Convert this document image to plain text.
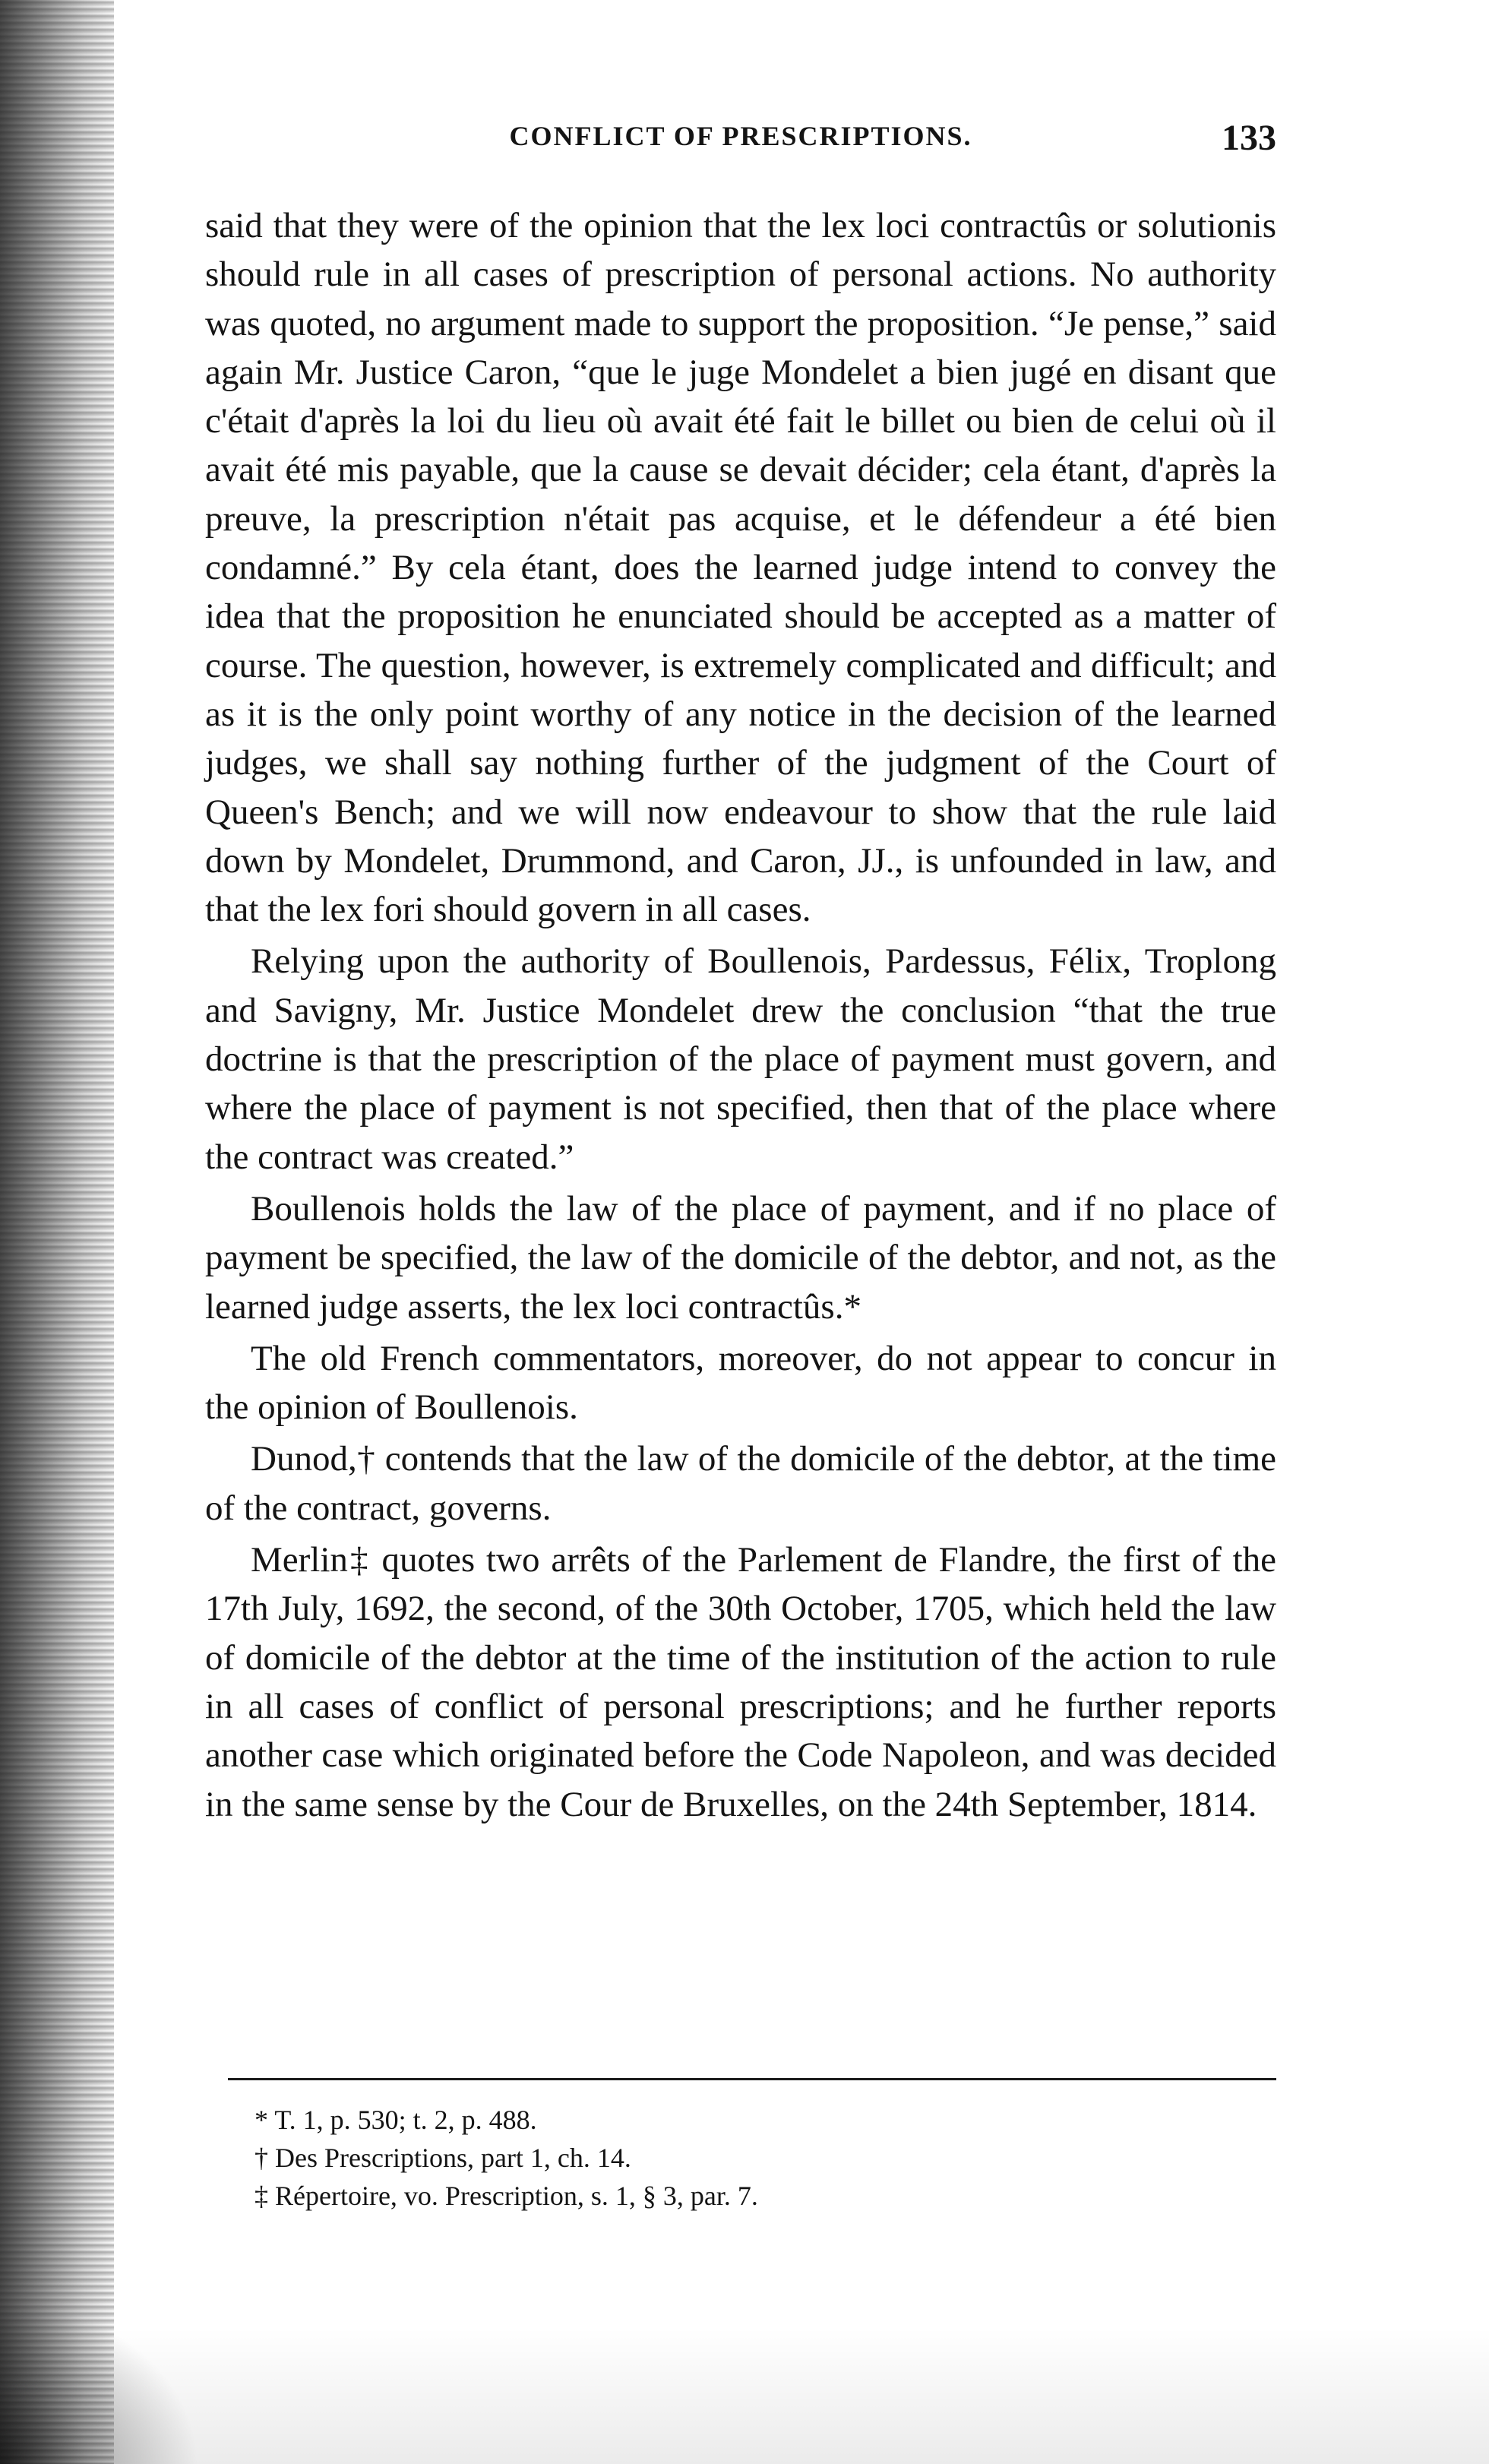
CONFLICT OF PRESCRIPTIONS.	133

said that they were of the opinion that the lex loci contractûs or solutionis should rule in all cases of prescription of personal actions. No authority was quoted, no argument made to support the proposition. “Je pense,” said again Mr. Justice Caron, “que le juge Mondelet a bien jugé en disant que c'était d'après la loi du lieu où avait été fait le billet ou bien de celui où il avait été mis payable, que la cause se devait décider; cela étant, d'après la preuve, la prescription n'était pas acquise, et le défendeur a été bien condamné.” By cela étant, does the learned judge intend to convey the idea that the proposition he enunciated should be accepted as a matter of course. The question, however, is extremely complicated and difficult; and as it is the only point worthy of any notice in the decision of the learned judges, we shall say nothing further of the judgment of the Court of Queen's Bench; and we will now endeavour to show that the rule laid down by Mondelet, Drummond, and Caron, JJ., is unfounded in law, and that the lex fori should govern in all cases.

Relying upon the authority of Boullenois, Pardessus, Félix, Troplong and Savigny, Mr. Justice Mondelet drew the conclusion “that the true doctrine is that the prescription of the place of payment must govern, and where the place of payment is not specified, then that of the place where the contract was created.”

Boullenois holds the law of the place of payment, and if no place of payment be specified, the law of the domicile of the debtor, and not, as the learned judge asserts, the lex loci contractûs.*

The old French commentators, moreover, do not appear to concur in the opinion of Boullenois.

Dunod,† contends that the law of the domicile of the debtor, at the time of the contract, governs.

Merlin‡ quotes two arrêts of the Parlement de Flandre, the first of the 17th July, 1692, the second, of the 30th October, 1705, which held the law of domicile of the debtor at the time of the institution of the action to rule in all cases of conflict of personal prescriptions; and he further reports another case which originated before the Code Napoleon, and was decided in the same sense by the Cour de Bruxelles, on the 24th September, 1814.

* T. 1, p. 530; t. 2, p. 488.
† Des Prescriptions, part 1, ch. 14.
‡ Répertoire, vo. Prescription, s. 1, § 3, par. 7.
